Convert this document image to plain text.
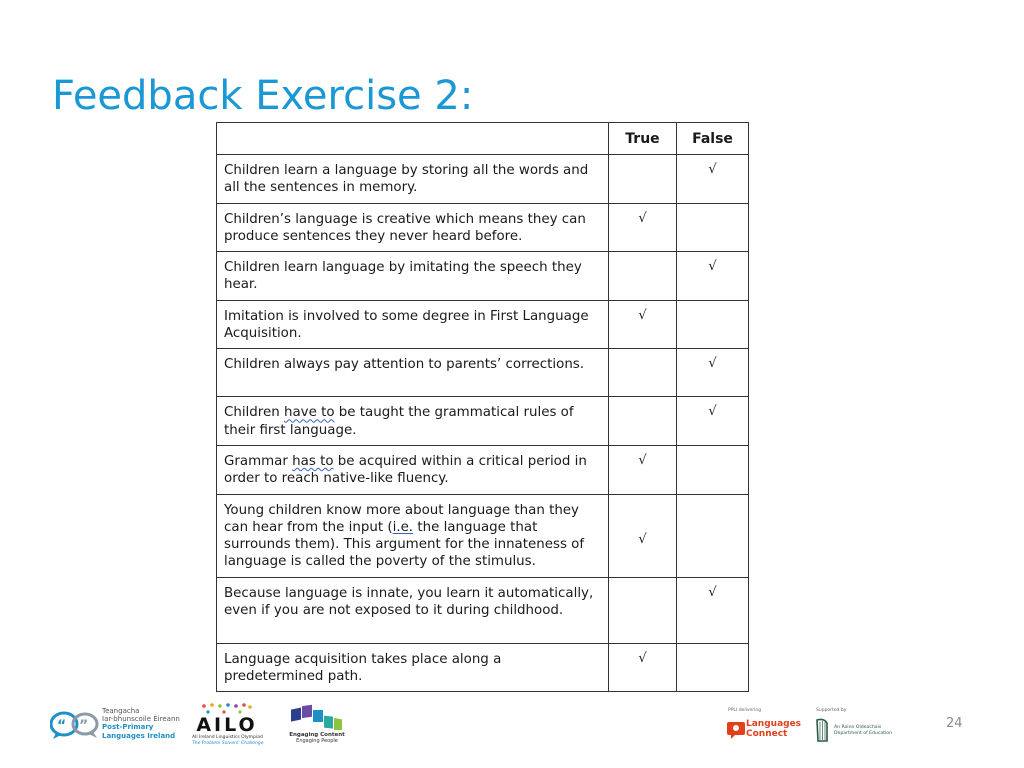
Feedback Exercise 2:
	True	False
Children learn a language by storing all the words and all the sentences in memory.		√
Children’s language is creative which means they can produce sentences they never heard before.	√	
Children learn language by imitating the speech they hear.		√
Imitation is involved to some degree in First Language Acquisition.	√	
Children always pay attention to parents’ corrections.		√
Children have to be taught the grammatical rules of their first language.		√
Grammar has to be acquired within a critical period in order to reach native-like fluency.	√	
Young children know more about language than they can hear from the input (i.e. the language that surrounds them). This argument for the innateness of language is called the poverty of the stimulus.	√	
Because language is innate, you learn it automatically, even if you are not exposed to it during childhood.		√
Language acquisition takes place along a predetermined path.	√	
“ ”
Teangacha
Iar-bhunscoile Éireann
Post-Primary
Languages Ireland AILO
All Ireland Linguistics Olympiad
The Problem Solvers' Challenge
Engaging Content
Engaging People
24
PPLI delivering
Languages
Connect
Supported by
An Roinn Oideachais
Department of Education
